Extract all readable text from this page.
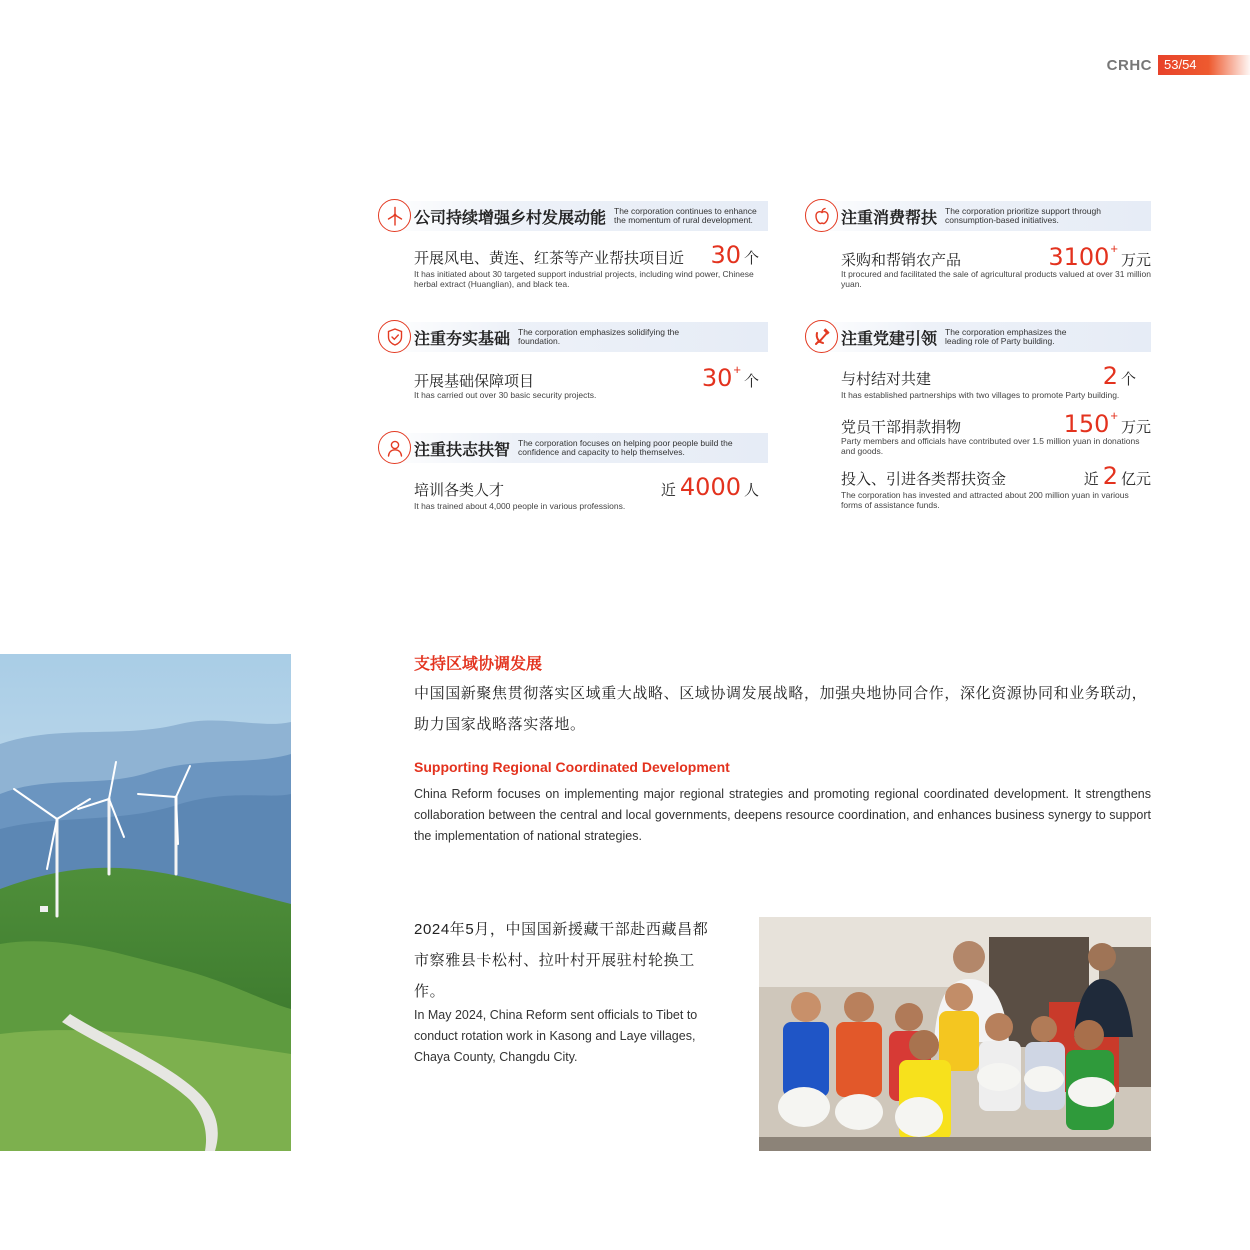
CRHC 53/54
公司持续增强乡村发展动能 The corporation continues to enhance the momentum of rural development.
开展风电、黄连、红茶等产业帮扶项目近 30 个
It has initiated about 30 targeted support industrial projects, including wind power, Chinese herbal extract (Huanglian), and black tea.
注重夯实基础 The corporation emphasizes solidifying the foundation.
开展基础保障项目	30+个
It has carried out over 30 basic security projects.
注重扶志扶智 The corporation focuses on helping poor people build the confidence and capacity to help themselves.
培训各类人才	近 4000 人
It has trained about 4,000 people in various professions.
注重消费帮扶 The corporation prioritize support through consumption-based initiatives.
采购和帮销农产品	3100+万元
It procured and facilitated the sale of agricultural products valued at over 31 million yuan.
注重党建引领 The corporation emphasizes the leading role of Party building.
与村结对共建	2 个
It has established partnerships with two villages to promote Party building.
党员干部捐款捐物	150+万元
Party members and officials have contributed over 1.5 million yuan in donations and goods.
投入、引进各类帮扶资金	近 2 亿元
The corporation has invested and attracted about 200 million yuan in various forms of assistance funds.
支持区域协调发展
中国国新聚焦贯彻落实区域重大战略、区域协调发展战略，加强央地协同合作，深化资源协同和业务联动，助力国家战略落实落地。
Supporting Regional Coordinated Development
China Reform focuses on implementing major regional strategies and promoting regional coordinated development. It strengthens collaboration between the central and local governments, deepens resource coordination, and enhances business synergy to support the implementation of national strategies.
2024年5月，中国国新援藏干部赴西藏昌都市察雅县卡松村、拉叶村开展驻村轮换工作。
In May 2024, China Reform sent officials to Tibet to conduct rotation work in Kasong and Laye villages, Chaya County, Changdu City.
